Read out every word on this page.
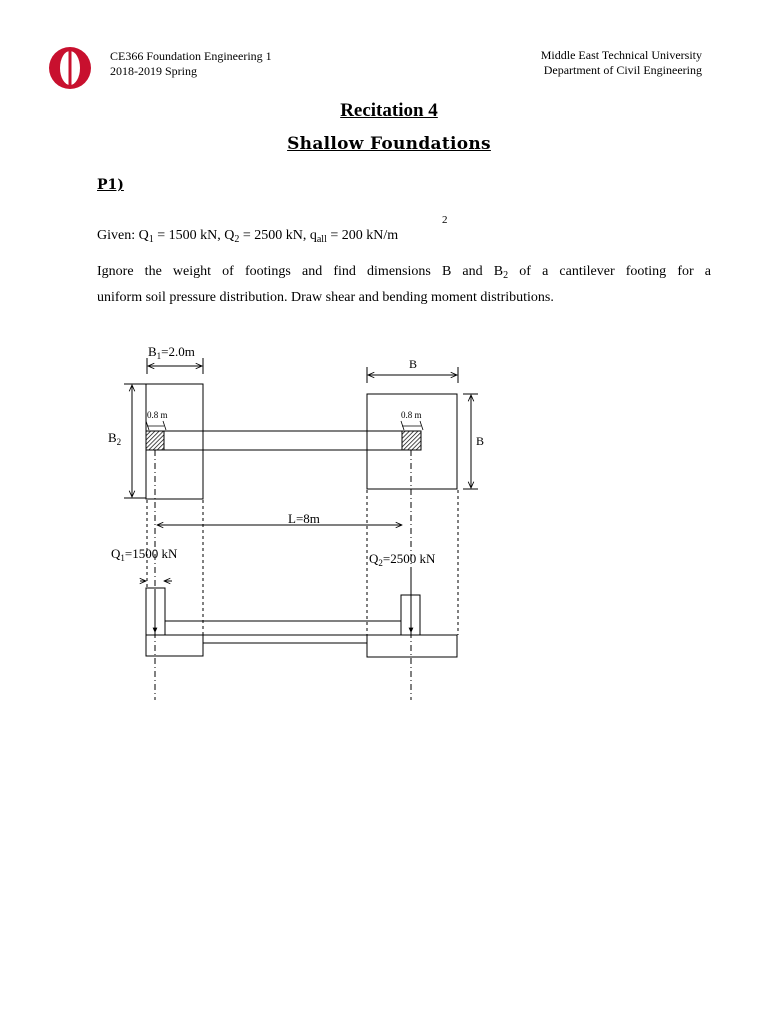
CE366 Foundation Engineering 1
2018-2019 Spring
Middle East Technical University
Department of Civil Engineering
Recitation 4
Shallow Foundations
P1)
Given: $Q_1 = 1500$ kN, $Q_2 = 2500$ kN, $q_{all} = 200$ kN/m
2
Ignore the weight of footings and find dimensions B and $B_2$ of a cantilever footing for a
uniform soil pressure distribution. Draw shear and bending moment distributions.
$B_1=2.0m$
B
$B_2$	B
0.8 m	0.8 m
L=8m
$Q_1=1500$ kN	$Q_2=2500$ kN
